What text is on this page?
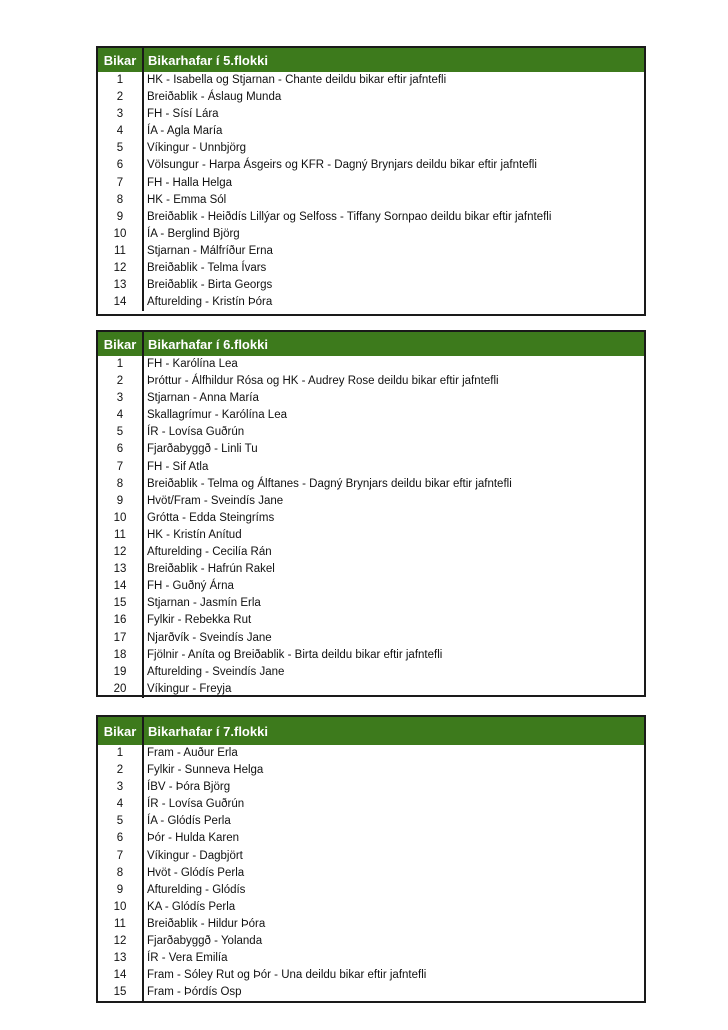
Bikar Bikarhafar í 5.flokki
1	HK - Isabella og Stjarnan - Chante deildu bikar eftir jafntefli
2	Breiðablik - Áslaug Munda
3	FH - Sísí Lára
4	ÍA - Agla María
5	Víkingur - Unnbjörg
6	Völsungur - Harpa Ásgeirs og KFR - Dagný Brynjars deildu bikar eftir jafntefli
7	FH - Halla Helga
8	HK - Emma Sól
9	Breiðablik - Heiðdís Lillýar og Selfoss - Tiffany Sornpao deildu bikar eftir jafntefli
10	ÍA - Berglind Björg
11	Stjarnan - Málfríður Erna
12	Breiðablik - Telma Ívars
13	Breiðablik - Birta Georgs
14	Afturelding - Kristín Þóra
Bikar Bikarhafar í 6.flokki
1	FH - Karólína Lea
2	Þróttur - Álfhildur Rósa og HK - Audrey Rose deildu bikar eftir jafntefli
3	Stjarnan - Anna María
4	Skallagrímur - Karólína Lea
5	ÍR - Lovísa Guðrún
6	Fjarðabyggð - Linli Tu
7	FH - Sif Atla
8	Breiðablik - Telma og Álftanes - Dagný Brynjars deildu bikar eftir jafntefli
9	Hvöt/Fram - Sveindís Jane
10	Grótta - Edda Steingríms
11	HK - Kristín Anítud
12	Afturelding - Cecilía Rán
13	Breiðablik - Hafrún Rakel
14	FH - Guðný Árna
15	Stjarnan - Jasmín Erla
16	Fylkir - Rebekka Rut
17	Njarðvík - Sveindís Jane
18	Fjölnir - Aníta og Breiðablik - Birta deildu bikar eftir jafntefli
19	Afturelding - Sveindís Jane
20	Víkingur - Freyja
Bikar Bikarhafar í 7.flokki
1	Fram - Auður Erla
2	Fylkir - Sunneva Helga
3	ÍBV - Þóra Björg
4	ÍR - Lovísa Guðrún
5	ÍA - Glódís Perla
6	Þór - Hulda Karen
7	Víkingur - Dagbjört
8	Hvöt - Glódís Perla
9	Afturelding - Glódís
10	KA - Glódís Perla
11	Breiðablik - Hildur Þóra
12	Fjarðabyggð - Yolanda
13	ÍR - Vera Emilía
14	Fram - Sóley Rut og Þór - Una deildu bikar eftir jafntefli
15	Fram - Þórdís Osp
